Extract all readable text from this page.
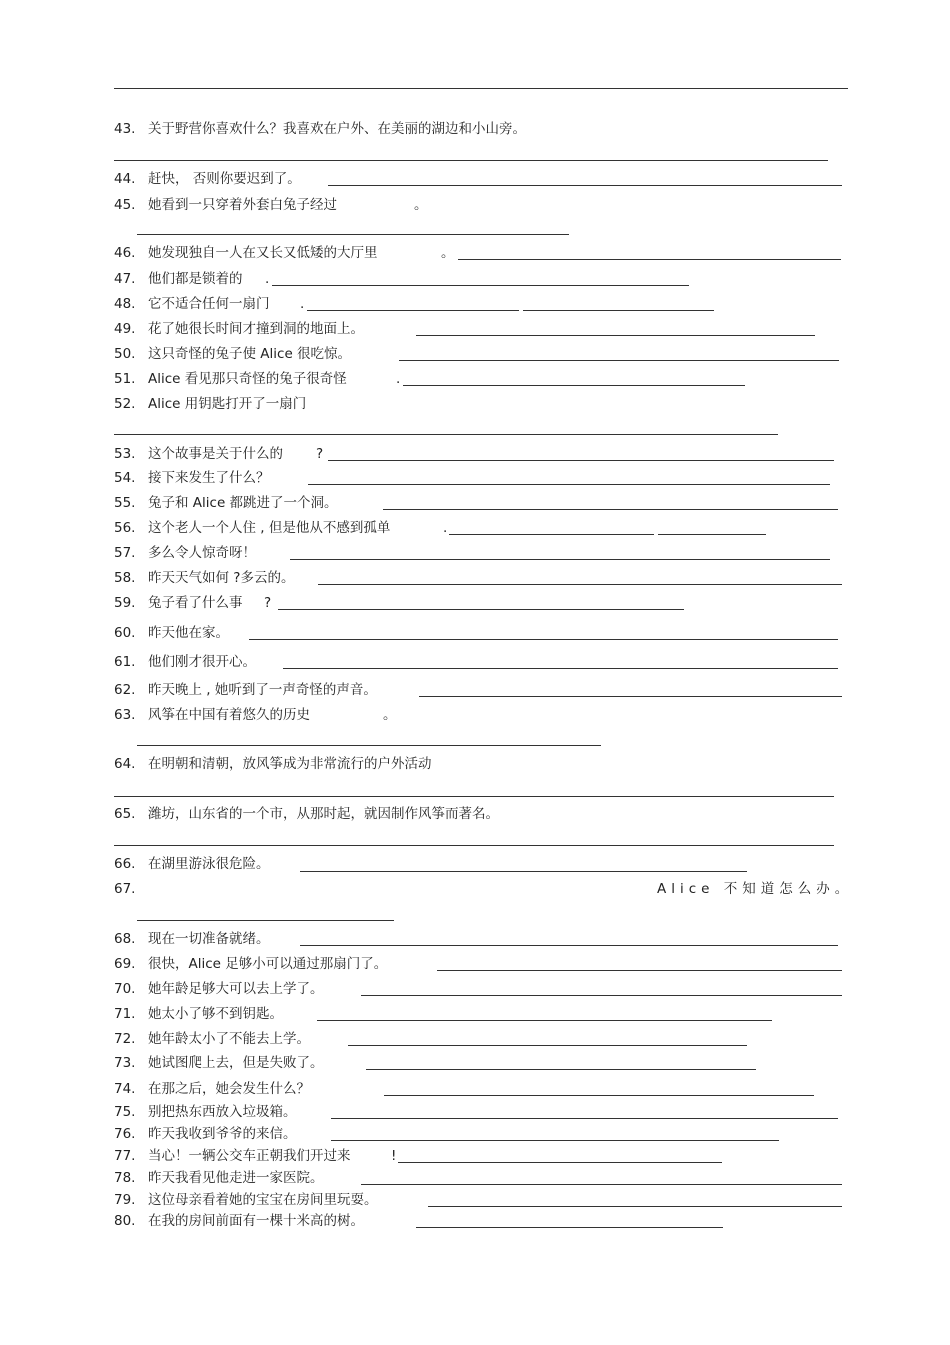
43. 关于野营你喜欢什么？我喜欢在户外、在美丽的湖边和小山旁。
44. 赶快， 否则你要迟到了。
45. 她看到一只穿着外套白兔子经过	。
46. 她发现独自一人在又长又低矮的大厅里	。
47. 他们都是锁着的 .
48. 它不适合任何一扇门 .
49. 花了她很长时间才撞到洞的地面上。
50. 这只奇怪的兔子使 Alice 很吃惊。
51. Alice 看见那只奇怪的兔子很奇怪	.
52. Alice 用钥匙打开了一扇门
53. 这个故事是关于什么的 ?
54. 接下来发生了什么？
55. 兔子和 Alice 都跳进了一个洞。
56. 这个老人一个人住 , 但是他从不感到孤单	.
57. 多么令人惊奇呀！
58. 昨天天气如何 ?多云的。
59. 兔子看了什么事 ?
60. 昨天他在家。
61. 他们刚才很开心。
62. 昨天晚上 , 她听到了一声奇怪的声音。
63. 风筝在中国有着悠久的历史	。
64. 在明朝和清朝，放风筝成为非常流行的户外活动
65. 潍坊，山东省的一个市，从那时起，就因制作风筝而著名。
66. 在湖里游泳很危险。
67.	Alice 不知道怎么办。
68. 现在一切准备就绪。
69. 很快，Alice 足够小可以通过那扇门了。
70. 她年龄足够大可以去上学了。
71. 她太小了够不到钥匙。
72. 她年龄太小了不能去上学。
73. 她试图爬上去，但是失败了。
74. 在那之后，她会发生什么？
75. 别把热东西放入垃圾箱。
76. 昨天我收到爷爷的来信。
77. 当心！一辆公交车正朝我们开过来	!
78. 昨天我看见他走进一家医院。
79. 这位母亲看着她的宝宝在房间里玩耍。
80. 在我的房间前面有一棵十米高的树。
